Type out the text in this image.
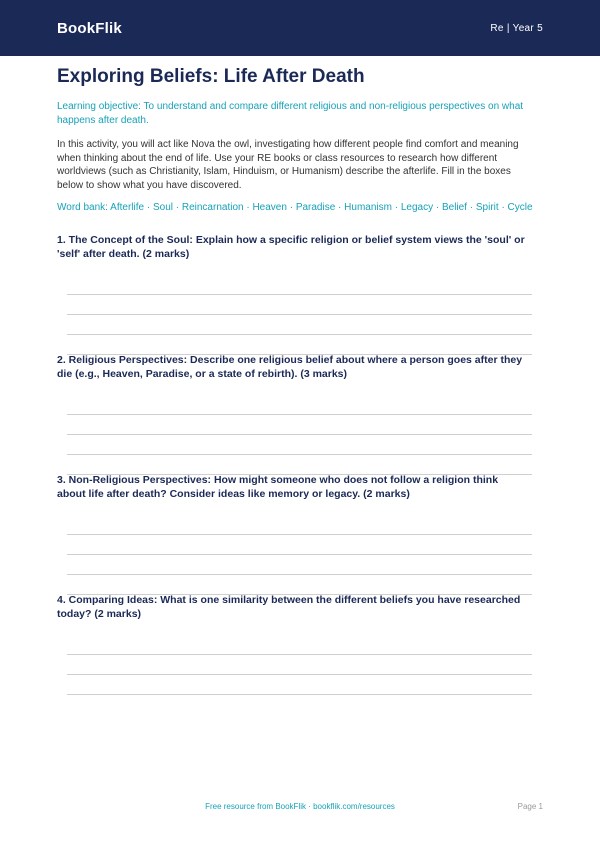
BookFlik	Re | Year 5
Exploring Beliefs: Life After Death
Learning objective: To understand and compare different religious and non-religious perspectives on what happens after death.
In this activity, you will act like Nova the owl, investigating how different people find comfort and meaning when thinking about the end of life. Use your RE books or class resources to research how different worldviews (such as Christianity, Islam, Hinduism, or Humanism) describe the afterlife. Fill in the boxes below to show what you have discovered.
Word bank: Afterlife · Soul · Reincarnation · Heaven · Paradise · Humanism · Legacy · Belief · Spirit · Cycle
1. The Concept of the Soul: Explain how a specific religion or belief system views the 'soul' or 'self' after death. (2 marks)
2. Religious Perspectives: Describe one religious belief about where a person goes after they die (e.g., Heaven, Paradise, or a state of rebirth). (3 marks)
3. Non-Religious Perspectives: How might someone who does not follow a religion think about life after death? Consider ideas like memory or legacy. (2 marks)
4. Comparing Ideas: What is one similarity between the different beliefs you have researched today? (2 marks)
Free resource from BookFlik · bookflik.com/resources	Page 1
